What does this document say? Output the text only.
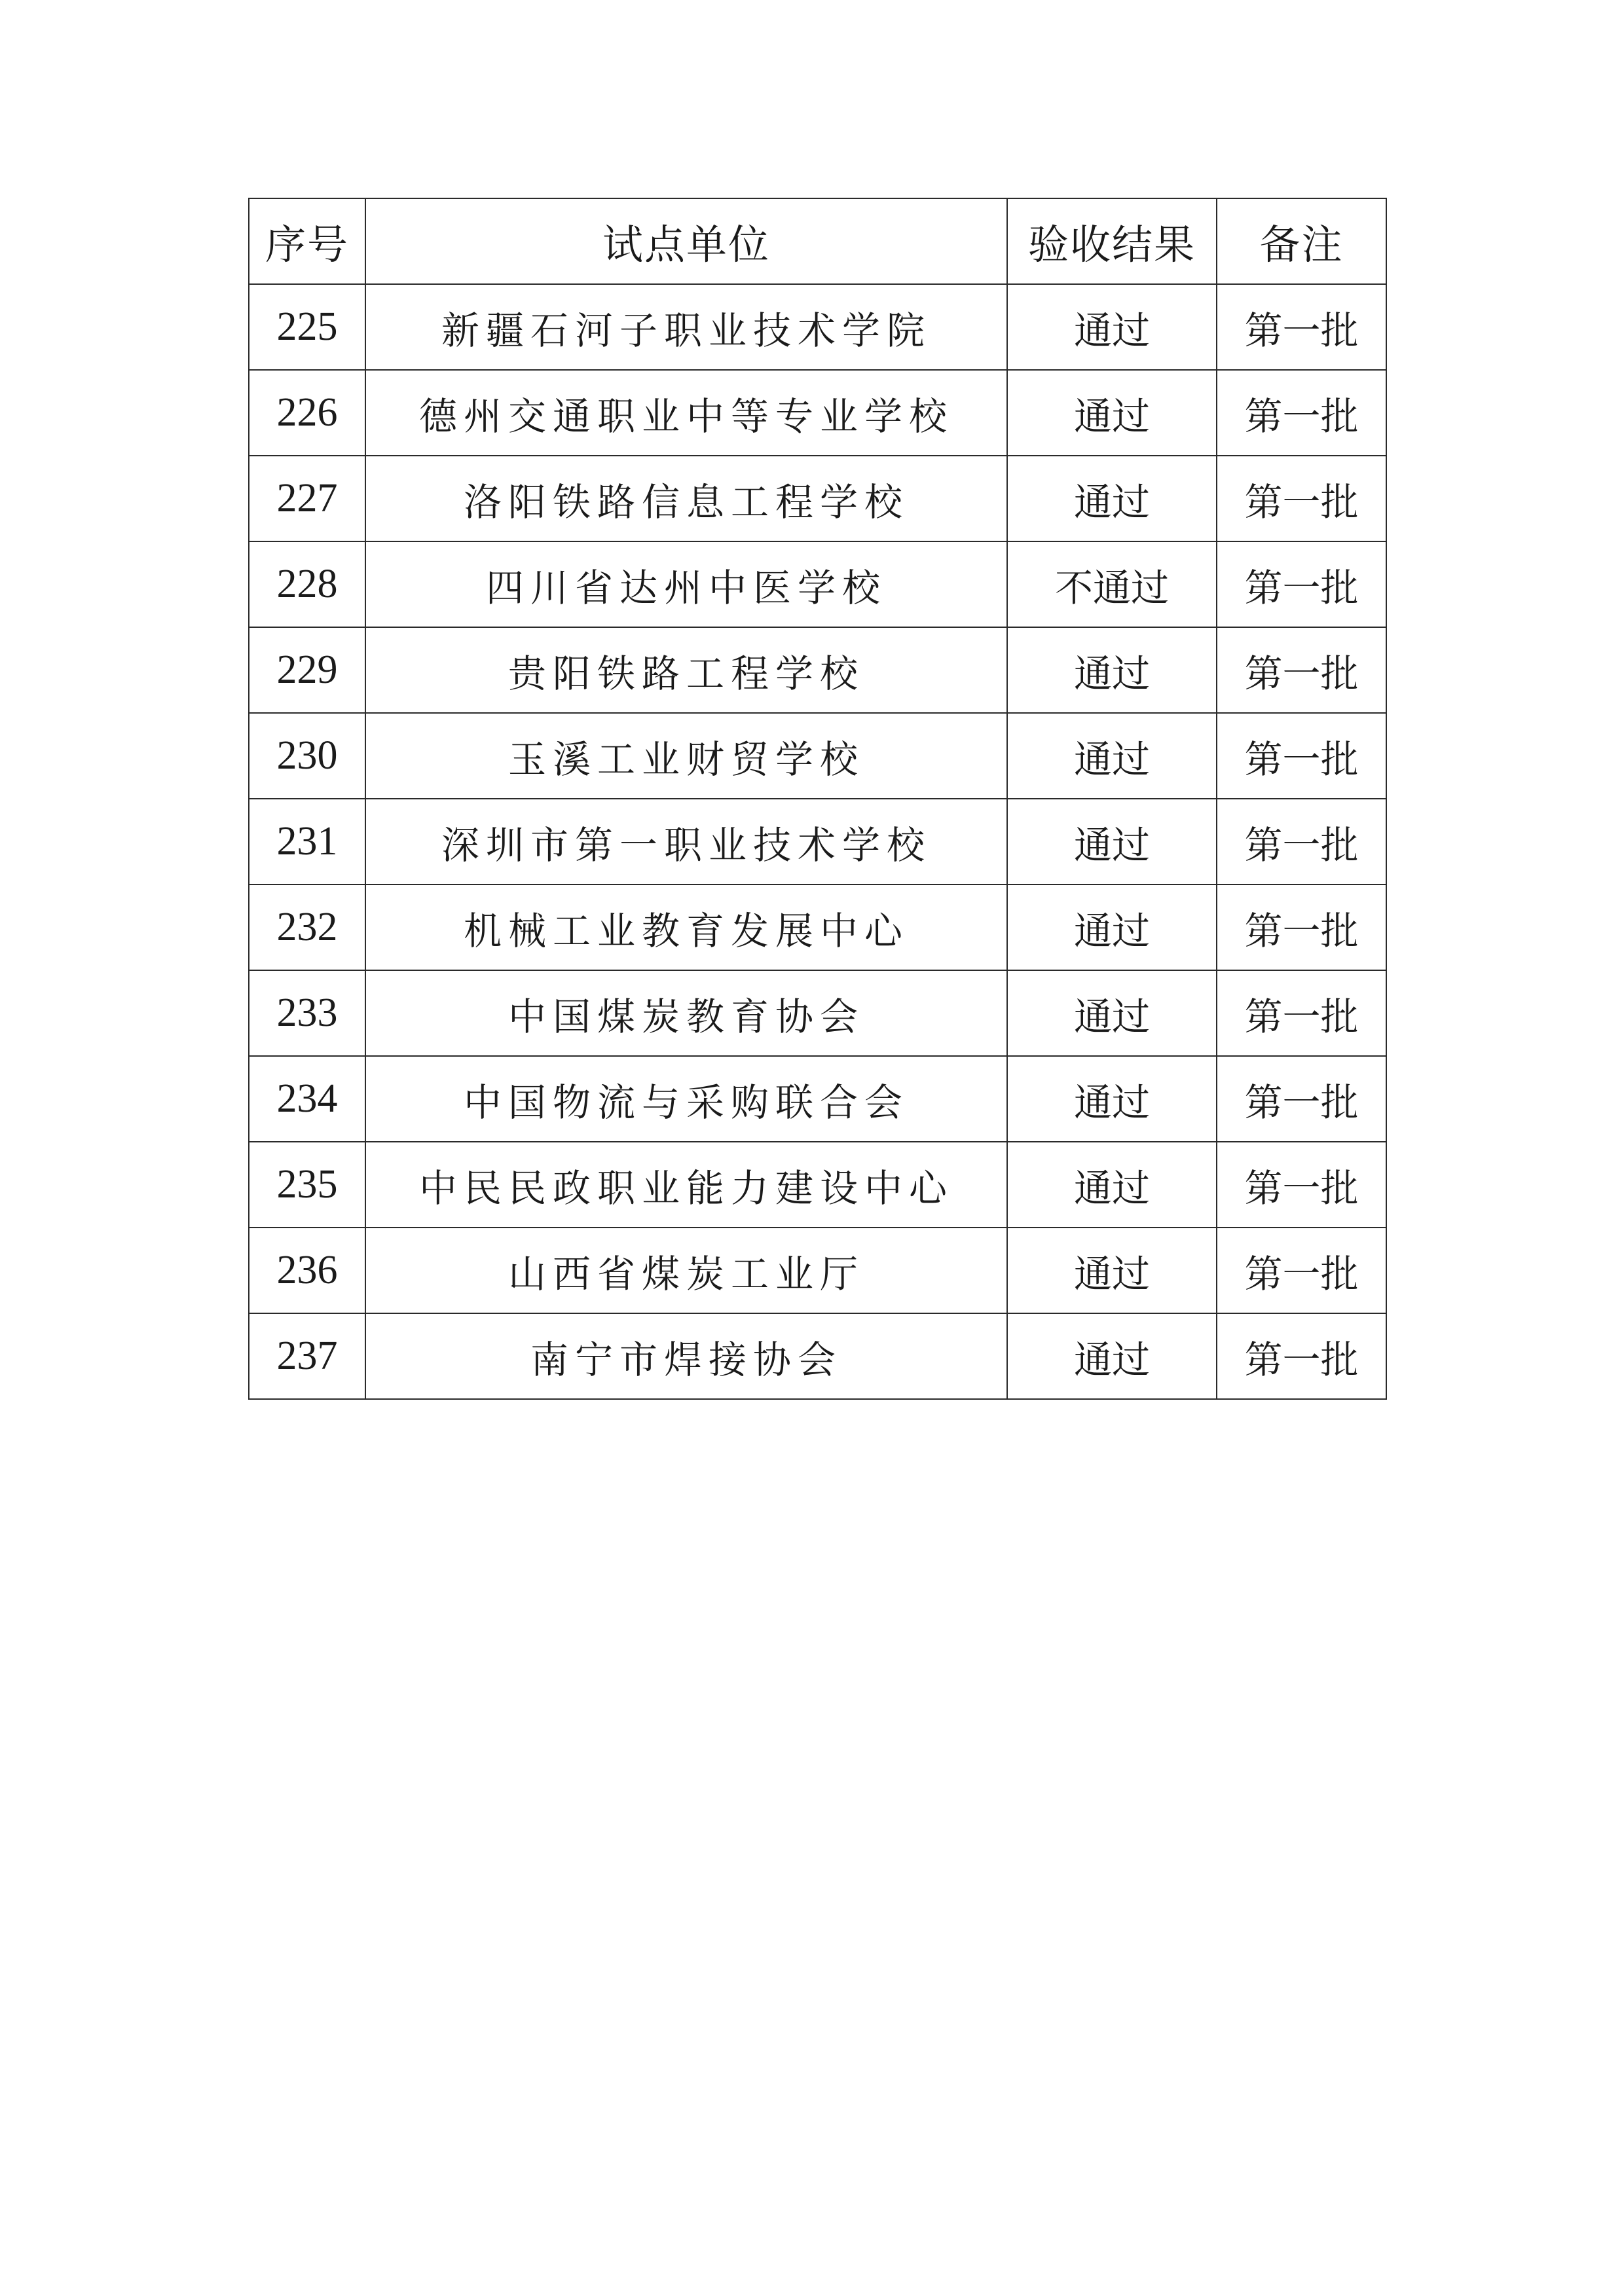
序号	试点单位	验收结果	备注
225	新疆石河子职业技术学院	通过	第一批
226	德州交通职业中等专业学校	通过	第一批
227	洛阳铁路信息工程学校	通过	第一批
228	四川省达州中医学校	不通过	第一批
229	贵阳铁路工程学校	通过	第一批
230	玉溪工业财贸学校	通过	第一批
231	深圳市第一职业技术学校	通过	第一批
232	机械工业教育发展中心	通过	第一批
233	中国煤炭教育协会	通过	第一批
234	中国物流与采购联合会	通过	第一批
235	中民民政职业能力建设中心	通过	第一批
236	山西省煤炭工业厅	通过	第一批
237	南宁市焊接协会	通过	第一批
